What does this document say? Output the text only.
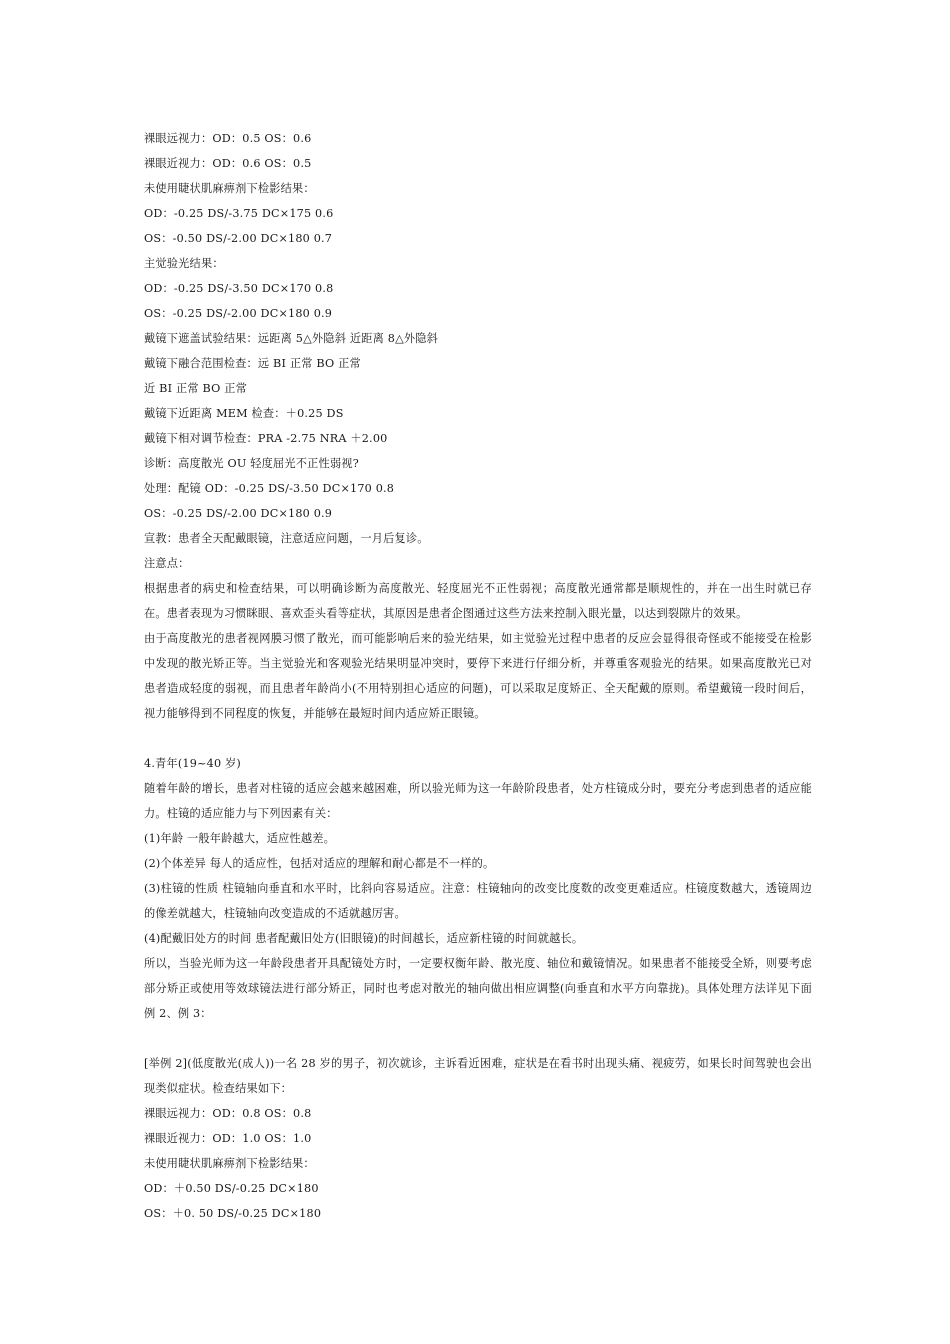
裸眼远视力：OD：0.5 OS：0.6
裸眼近视力：OD：0.6 OS：0.5
未使用睫状肌麻痹剂下检影结果：
OD：-0.25 DS/-3.75 DC×175 0.6
OS：-0.50 DS/-2.00 DC×180 0.7
主觉验光结果：
OD：-0.25 DS/-3.50 DC×170 0.8
OS：-0.25 DS/-2.00 DC×180 0.9
戴镜下遮盖试验结果：远距离 5△外隐斜 近距离 8△外隐斜
戴镜下融合范围检查：远 BI 正常 BO 正常
近 BI 正常 BO 正常
戴镜下近距离 MEM 检查：＋0.25 DS
戴镜下相对调节检查：PRA -2.75 NRA ＋2.00
诊断：高度散光 OU 轻度屈光不正性弱视?
处理：配镜 OD：-0.25 DS/-3.50 DC×170 0.8
OS：-0.25 DS/-2.00 DC×180 0.9
宣教：患者全天配戴眼镜，注意适应问题，一月后复诊。
注意点：
根据患者的病史和检查结果，可以明确诊断为高度散光、轻度屈光不正性弱视；高度散光通常都是顺规性的，并在一出生时就已存在。患者表现为习惯眯眼、喜欢歪头看等症状，其原因是患者企图通过这些方法来控制入眼光量，以达到裂隙片的效果。
由于高度散光的患者视网膜习惯了散光，而可能影响后来的验光结果，如主觉验光过程中患者的反应会显得很奇怪或不能接受在检影中发现的散光矫正等。当主觉验光和客观验光结果明显冲突时，要停下来进行仔细分析，并尊重客观验光的结果。如果高度散光已对患者造成轻度的弱视，而且患者年龄尚小(不用特别担心适应的问题)，可以采取足度矫正、全天配戴的原则。希望戴镜一段时间后，视力能够得到不同程度的恢复，并能够在最短时间内适应矫正眼镜。
4.青年(19~40 岁)
随着年龄的增长，患者对柱镜的适应会越来越困难，所以验光师为这一年龄阶段患者，处方柱镜成分时，要充分考虑到患者的适应能力。柱镜的适应能力与下列因素有关：
(1)年龄 一般年龄越大，适应性越差。
(2)个体差异 每人的适应性，包括对适应的理解和耐心都是不一样的。
(3)柱镜的性质 柱镜轴向垂直和水平时，比斜向容易适应。注意：柱镜轴向的改变比度数的改变更难适应。柱镜度数越大，透镜周边的像差就越大，柱镜轴向改变造成的不适就越厉害。
(4)配戴旧处方的时间 患者配戴旧处方(旧眼镜)的时间越长，适应新柱镜的时间就越长。
所以，当验光师为这一年龄段患者开具配镜处方时，一定要权衡年龄、散光度、轴位和戴镜情况。如果患者不能接受全矫，则要考虑部分矫正或使用等效球镜法进行部分矫正，同时也考虑对散光的轴向做出相应调整(向垂直和水平方向靠拢)。具体处理方法详见下面例 2、例 3：
[举例 2](低度散光(成人))一名 28 岁的男子，初次就诊，主诉看近困难，症状是在看书时出现头痛、视疲劳，如果长时间驾驶也会出现类似症状。检查结果如下：
裸眼远视力：OD：0.8 OS：0.8
裸眼近视力：OD：1.0 OS：1.0
未使用睫状肌麻痹剂下检影结果：
OD：＋0.50 DS/-0.25 DC×180
OS：＋0. 50 DS/-0.25 DC×180
